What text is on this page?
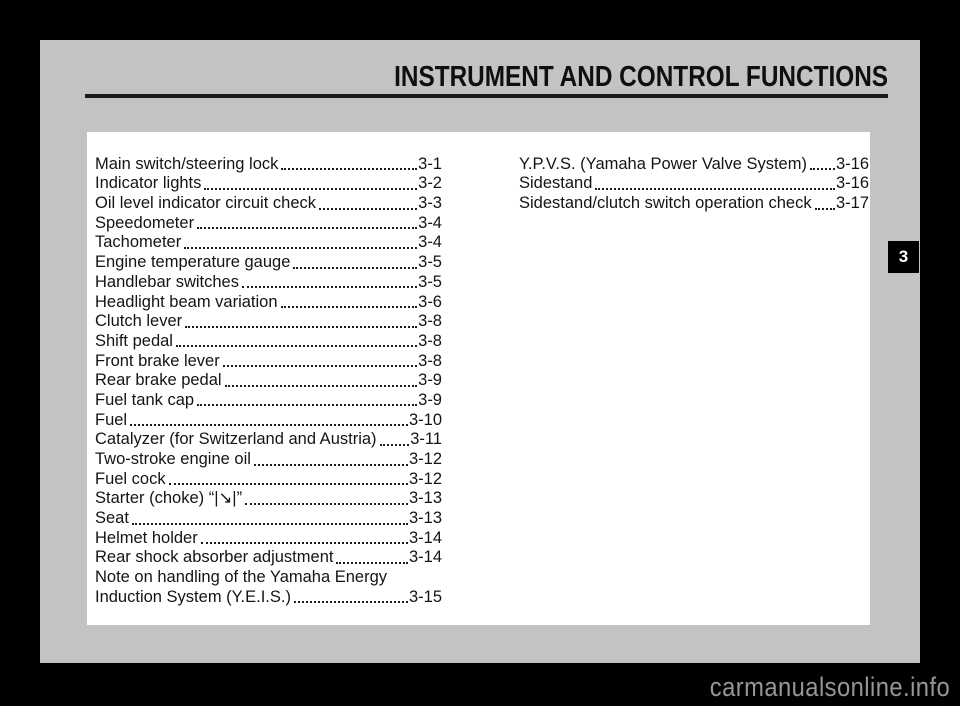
INSTRUMENT AND CONTROL FUNCTIONS
Main switch/steering lock	3-1
Indicator lights	3-2
Oil level indicator circuit check	3-3
Speedometer	3-4
Tachometer	3-4
Engine temperature gauge	3-5
Handlebar switches	3-5
Headlight beam variation	3-6
Clutch lever	3-8
Shift pedal	3-8
Front brake lever	3-8
Rear brake pedal	3-9
Fuel tank cap	3-9
Fuel	3-10
Catalyzer (for Switzerland and Austria) 3-11
Two-stroke engine oil	3-12
Fuel cock	3-12
Starter (choke) “|↘|”	3-13
Seat	3-13
Helmet holder	3-14
Rear shock absorber adjustment	3-14
Note on handling of the Yamaha Energy
Induction System (Y.E.I.S.)	3-15
Y.P.V.S. (Yamaha Power Valve System) 3-16
Sidestand	3-16
Sidestand/clutch switch operation check 3-17
3
carmanualsonline.info
